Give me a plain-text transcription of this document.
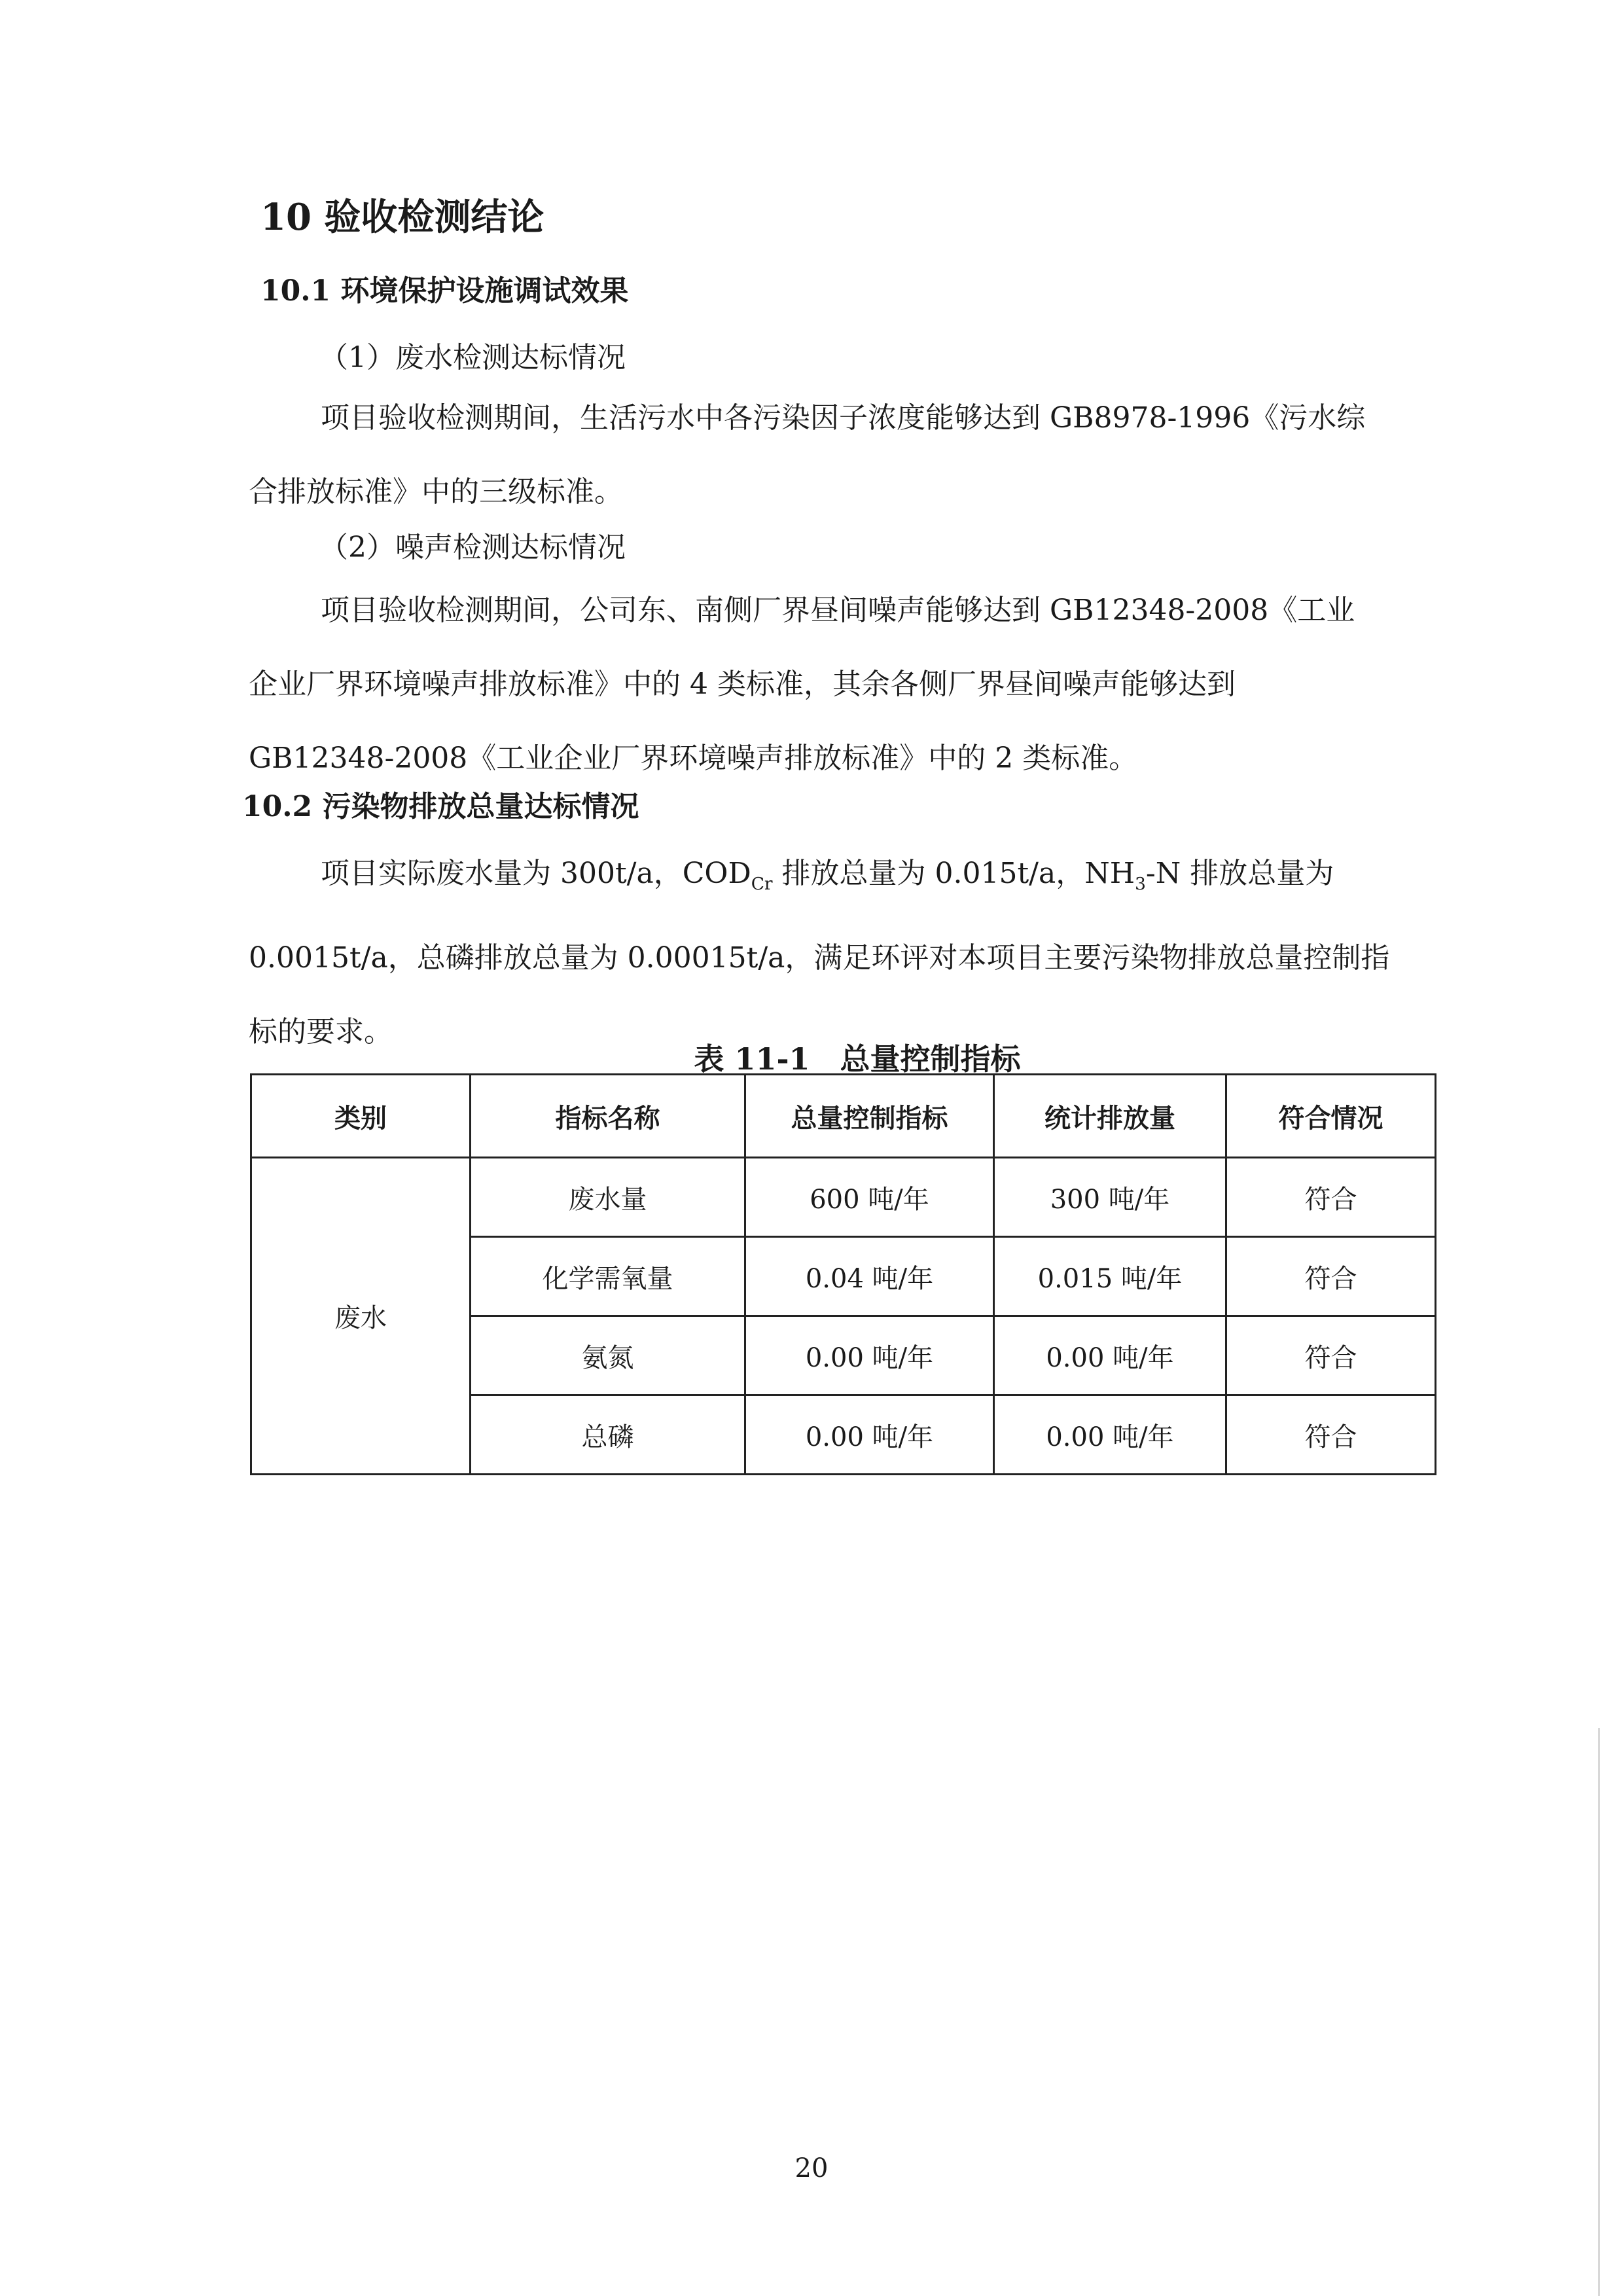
10 验收检测结论
10.1 环境保护设施调试效果
（1）废水检测达标情况
项目验收检测期间，生活污水中各污染因子浓度能够达到 GB8978-1996《污水综
合排放标准》中的三级标准。
（2）噪声检测达标情况
项目验收检测期间，公司东、南侧厂界昼间噪声能够达到 GB12348-2008《工业
企业厂界环境噪声排放标准》中的 4 类标准，其余各侧厂界昼间噪声能够达到
GB12348-2008《工业企业厂界环境噪声排放标准》中的 2 类标准。
10.2 污染物排放总量达标情况
项目实际废水量为 300t/a，$COD_{Cr}$ 排放总量为 0.015t/a，$NH_3-N$ 排放总量为
0.0015t/a，总磷排放总量为 0.00015t/a，满足环评对本项目主要污染物排放总量控制指
标的要求。
表 11-1　总量控制指标
类别	指标名称	总量控制指标	统计排放量	符合情况
废水	废水量	600 吨/年	300 吨/年	符合
	化学需氧量	0.04 吨/年	0.015 吨/年	符合
	氨氮	0.00 吨/年	0.00 吨/年	符合
	总磷	0.00 吨/年	0.00 吨/年	符合
20
